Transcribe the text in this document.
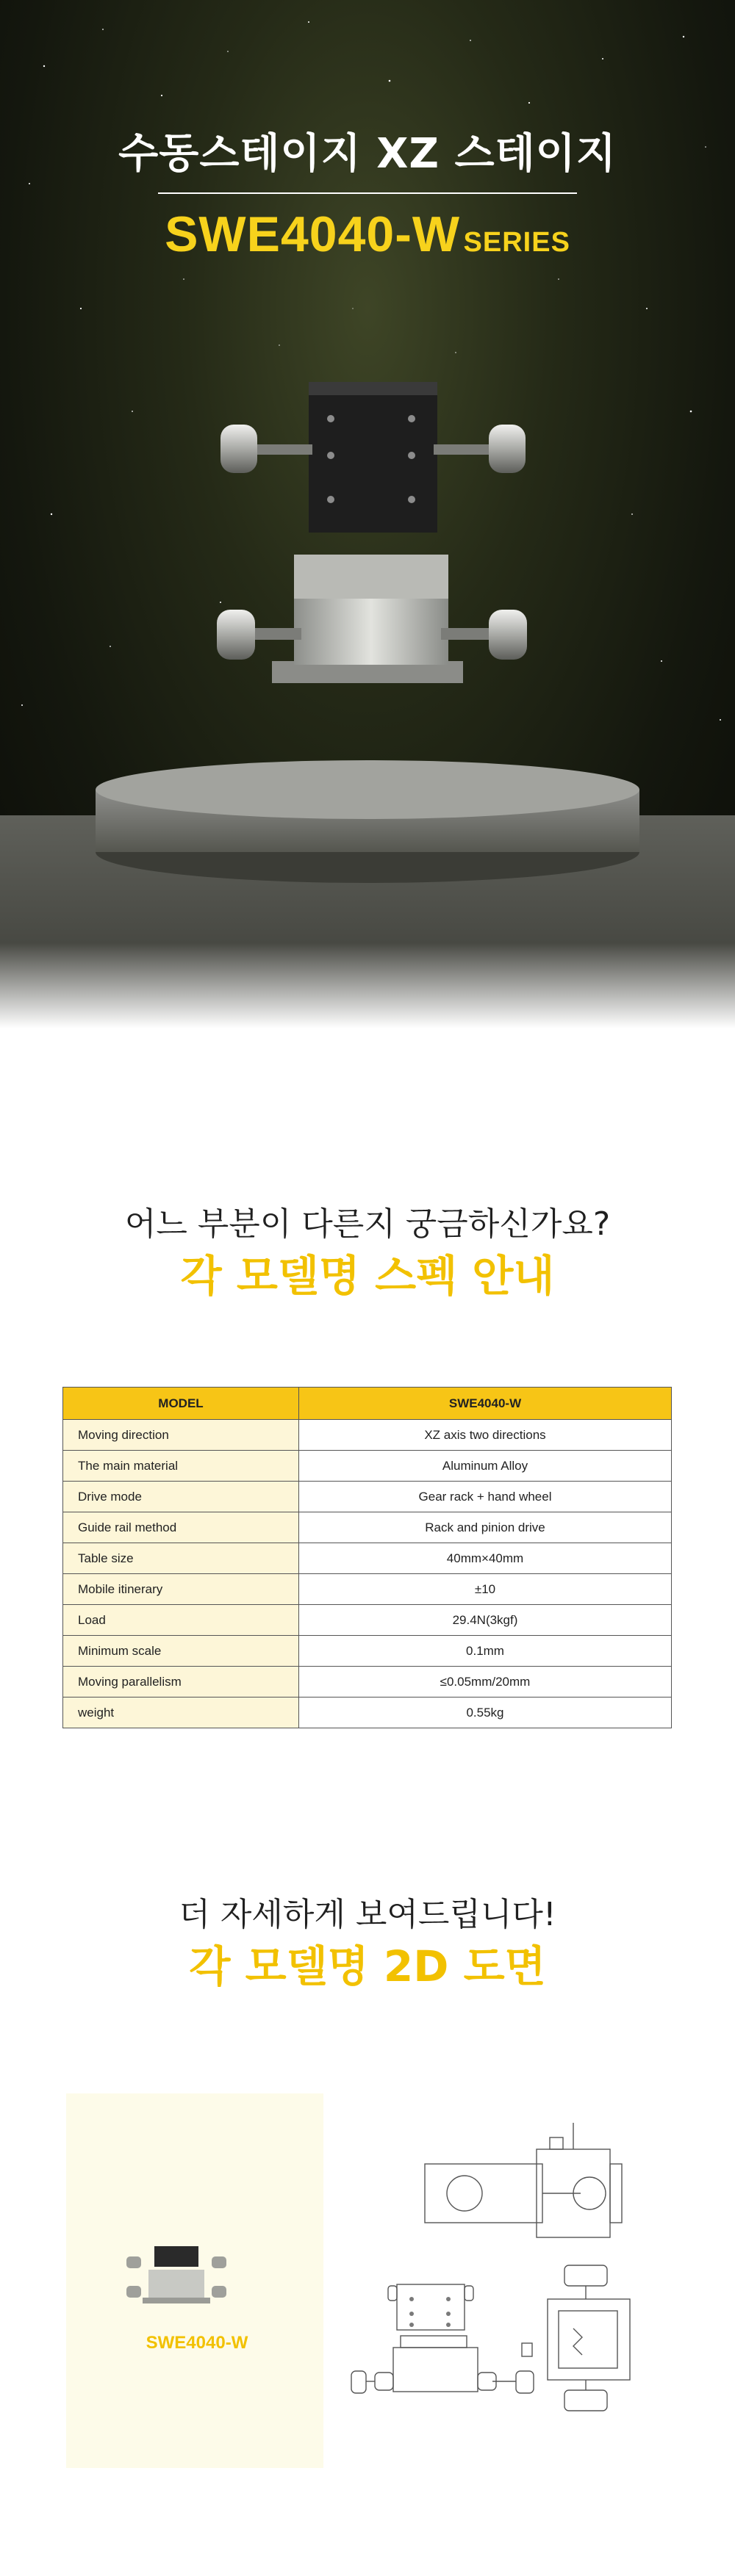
수동스테이지 XZ 스테이지
SWE4040-W SERIES
어느 부분이 다른지 궁금하신가요?
각 모델명 스펙 안내
MODEL	SWE4040-W
Moving direction	XZ axis two directions
The main material	Aluminum Alloy
Drive mode	Gear rack + hand wheel
Guide rail method	Rack and pinion drive
Table size	40mm×40mm
Mobile itinerary	±10
Load	29.4N(3kgf)
Minimum scale	0.1mm
Moving parallelism	≤0.05mm/20mm
weight	0.55kg
더 자세하게 보여드립니다!
각 모델명 2D 도면
SWE4040-W
